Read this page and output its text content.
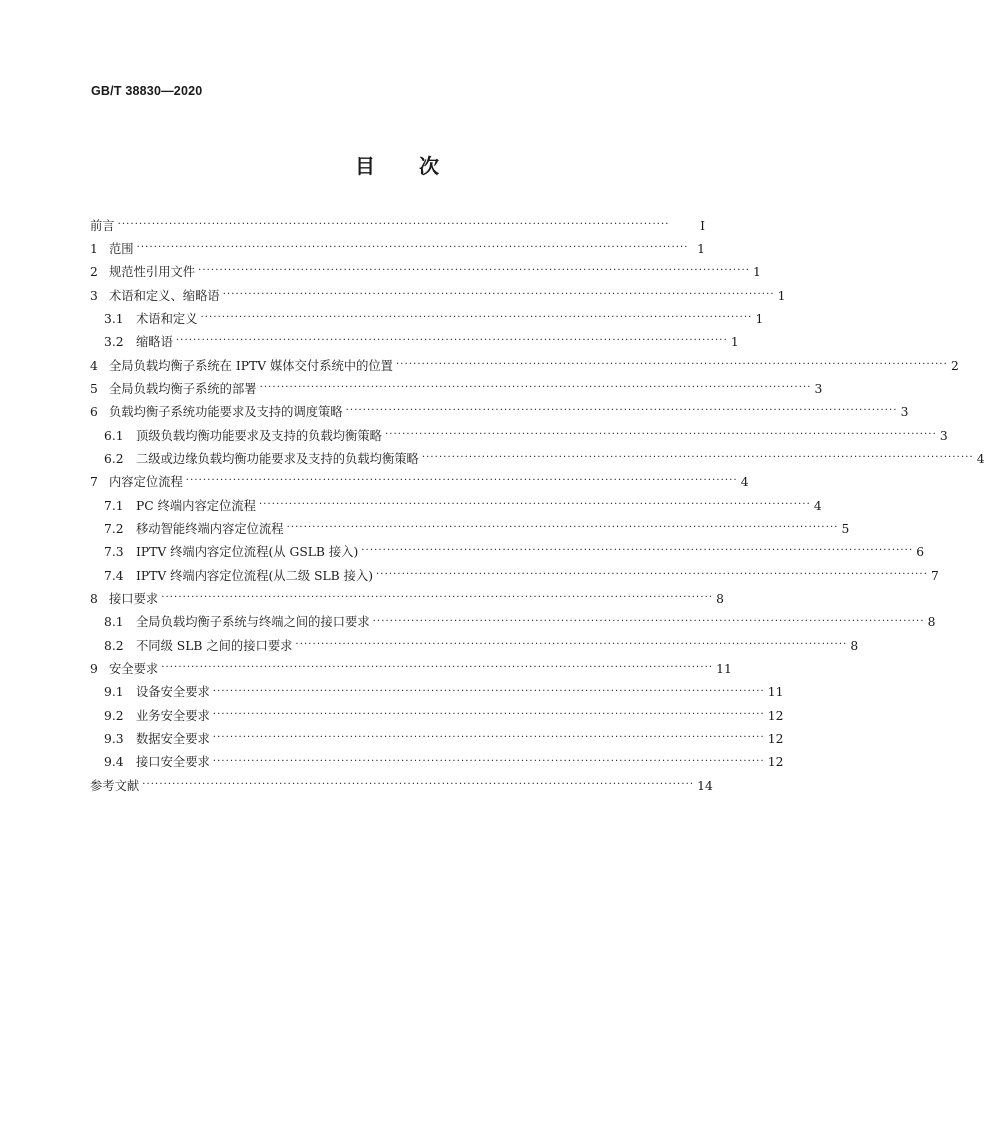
GB/T 38830—2020
目 次
前言 ·································································································································	Ⅰ
1 范围 ································································································································· 1
2 规范性引用文件 ································································································································· 1
3 术语和定义、缩略语 ································································································································· 1
3.1	术语和定义 ································································································································· 1
3.2	缩略语 ································································································································· 1
4 全局负载均衡子系统在 IPTV 媒体交付系统中的位置 ································································································································· 2
5 全局负载均衡子系统的部署 ································································································································· 3
6 负载均衡子系统功能要求及支持的调度策略 ································································································································· 3
6.1	顶级负载均衡功能要求及支持的负载均衡策略 ································································································································· 3
6.2	二级或边缘负载均衡功能要求及支持的负载均衡策略 ································································································································· 4
7 内容定位流程 ································································································································· 4
7.1	PC 终端内容定位流程 ································································································································· 4
7.2	移动智能终端内容定位流程 ································································································································· 5
7.3	IPTV 终端内容定位流程(从 GSLB 接入) ································································································································· 6
7.4	IPTV 终端内容定位流程(从二级 SLB 接入) ································································································································· 7
8 接口要求 ································································································································· 8
8.1	全局负载均衡子系统与终端之间的接口要求 ································································································································· 8
8.2	不同级 SLB 之间的接口要求 ································································································································· 8
9 安全要求 ································································································································· 11
9.1	设备安全要求 ································································································································· 11
9.2	业务安全要求 ································································································································· 12
9.3	数据安全要求 ································································································································· 12
9.4	接口安全要求 ································································································································· 12
参考文献 ································································································································· 14
